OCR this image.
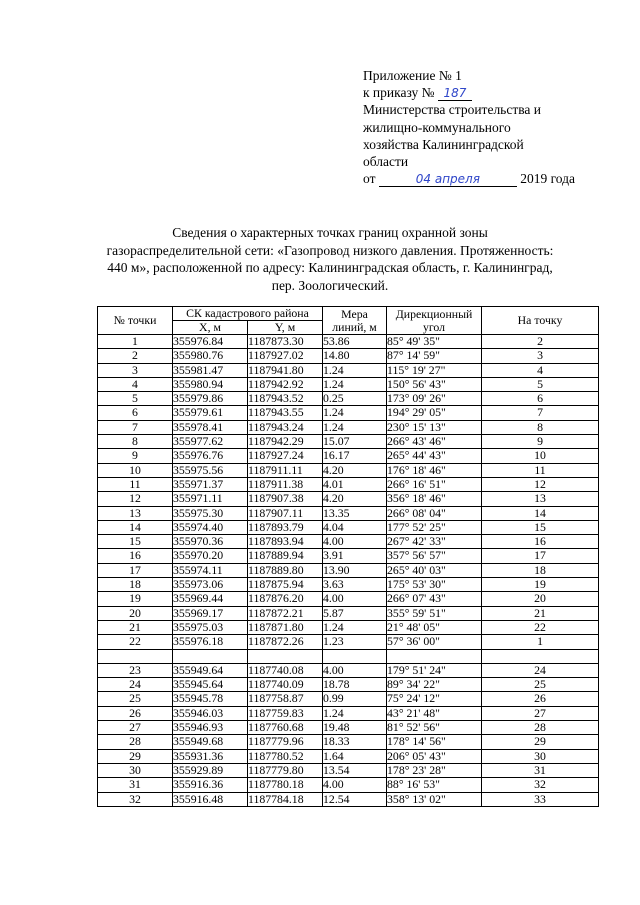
Приложение № 1
к приказу № 187
Министерства строительства и
жилищно-коммунального
хозяйства Калининградской
области
от	04 апреля	2019 года
Сведения о характерных точках границ охранной зоны
газораспределительной сети: «Газопровод низкого давления. Протяженность:
440 м», расположенной по адресу: Калининградская область, г. Калининград,
пер. Зоологический.
№ точки	СК кадастрового района		Мера линий, м	Дирекционный угол	На точку
	X, м	Y, м			
1	355976.84	1187873.30	53.86	85° 49' 35"	2
2	355980.76	1187927.02	14.80	87° 14' 59"	3
3	355981.47	1187941.80	1.24	115° 19' 27"	4
4	355980.94	1187942.92	1.24	150° 56' 43"	5
5	355979.86	1187943.52	0.25	173° 09' 26"	6
6	355979.61	1187943.55	1.24	194° 29' 05"	7
7	355978.41	1187943.24	1.24	230° 15' 13"	8
8	355977.62	1187942.29	15.07	266° 43' 46"	9
9	355976.76	1187927.24	16.17	265° 44' 43"	10
10	355975.56	1187911.11	4.20	176° 18' 46"	11
11	355971.37	1187911.38	4.01	266° 16' 51"	12
12	355971.11	1187907.38	4.20	356° 18' 46"	13
13	355975.30	1187907.11	13.35	266° 08' 04"	14
14	355974.40	1187893.79	4.04	177° 52' 25"	15
15	355970.36	1187893.94	4.00	267° 42' 33"	16
16	355970.20	1187889.94	3.91	357° 56' 57"	17
17	355974.11	1187889.80	13.90	265° 40' 03"	18
18	355973.06	1187875.94	3.63	175° 53' 30"	19
19	355969.44	1187876.20	4.00	266° 07' 43"	20
20	355969.17	1187872.21	5.87	355° 59' 51"	21
21	355975.03	1187871.80	1.24	21° 48' 05"	22
22	355976.18	1187872.26	1.23	57° 36' 00"	1

23	355949.64	1187740.08	4.00	179° 51' 24"	24
24	355945.64	1187740.09	18.78	89° 34' 22"	25
25	355945.78	1187758.87	0.99	75° 24' 12"	26
26	355946.03	1187759.83	1.24	43° 21' 48"	27
27	355946.93	1187760.68	19.48	81° 52' 56"	28
28	355949.68	1187779.96	18.33	178° 14' 56"	29
29	355931.36	1187780.52	1.64	206° 05' 43"	30
30	355929.89	1187779.80	13.54	178° 23' 28"	31
31	355916.36	1187780.18	4.00	88° 16' 53"	32
32	355916.48	1187784.18	12.54	358° 13' 02"	33
